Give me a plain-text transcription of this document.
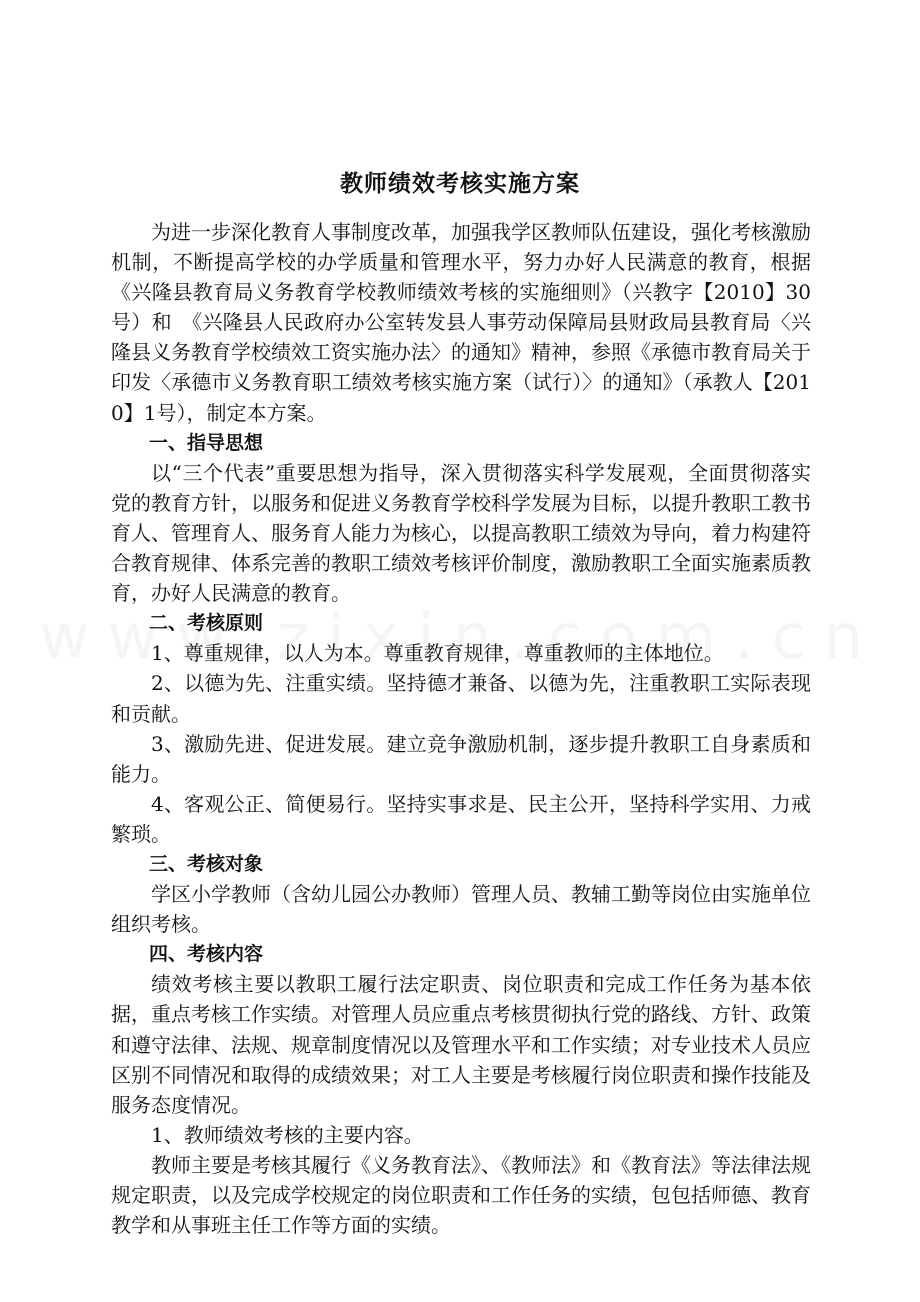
教师绩效考核实施方案

为进一步深化教育人事制度改革，加强我学区教师队伍建设，强化考核激励机制，不断提高学校的办学质量和管理水平，努力办好人民满意的教育，根据《兴隆县教育局义务教育学校教师绩效考核的实施细则》（兴教字【2010】30号）和　《兴隆县人民政府办公室转发县人事劳动保障局县财政局县教育局〈兴隆县义务教育学校绩效工资实施办法〉的通知》精神，参照《承德市教育局关于印发〈承德市义务教育职工绩效考核实施方案（试行）〉的通知》（承教人【2010】1号），制定本方案。

一、指导思想

以“三个代表”重要思想为指导，深入贯彻落实科学发展观，全面贯彻落实党的教育方针，以服务和促进义务教育学校科学发展为目标，以提升教职工教书育人、管理育人、服务育人能力为核心，以提高教职工绩效为导向，着力构建符合教育规律、体系完善的教职工绩效考核评价制度，激励教职工全面实施素质教育，办好人民满意的教育。

二、考核原则

1、尊重规律，以人为本。尊重教育规律，尊重教师的主体地位。

2、以德为先、注重实绩。坚持德才兼备、以德为先，注重教职工实际表现和贡献。

3、激励先进、促进发展。建立竞争激励机制，逐步提升教职工自身素质和能力。

4、客观公正、简便易行。坚持实事求是、民主公开，坚持科学实用、力戒繁琐。

三、考核对象

学区小学教师（含幼儿园公办教师）管理人员、教辅工勤等岗位由实施单位组织考核。

四、考核内容

绩效考核主要以教职工履行法定职责、岗位职责和完成工作任务为基本依据，重点考核工作实绩。对管理人员应重点考核贯彻执行党的路线、方针、政策和遵守法律、法规、规章制度情况以及管理水平和工作实绩；对专业技术人员应区别不同情况和取得的成绩效果；对工人主要是考核履行岗位职责和操作技能及服务态度情况。

1、教师绩效考核的主要内容。

教师主要是考核其履行《义务教育法》、《教师法》和《教育法》等法律法规规定职责，以及完成学校规定的岗位职责和工作任务的实绩，包包括师德、教育教学和从事班主任工作等方面的实绩。
